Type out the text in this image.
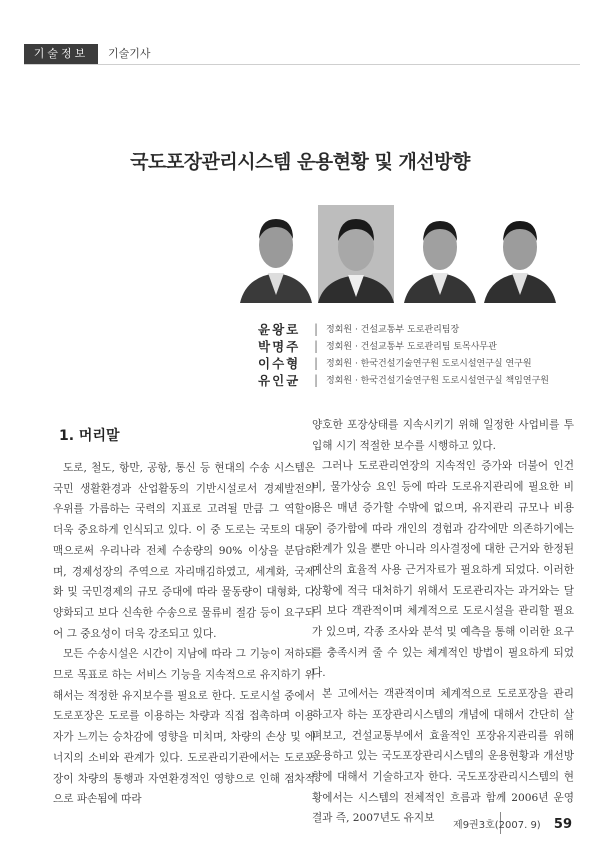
기술정보	기술기사
국도포장관리시스템 운용현황 및 개선방향
윤왕로	| 정회원 · 건설교통부 도로관리팀장
박명주	| 정회원 · 건설교통부 도로관리팀 토목사무관
이수형	| 정회원 · 한국건설기술연구원 도로시설연구실 연구원
유인균	| 정회원 · 한국건설기술연구원 도로시설연구실 책임연구원
1. 머리말

도로, 철도, 항만, 공항, 통신 등 현대의 수송 시스템은 국민 생활환경과 산업활동의 기반시설로서 경제발전의 우위를 가름하는 국력의 지표로 고려될 만큼 그 역할이 더욱 중요하게 인식되고 있다. 이 중 도로는 국토의 대동맥으로써 우리나라 전체 수송량의 90% 이상을 분담하며, 경제성장의 주역으로 자리매김하였고, 세계화, 국제화 및 국민경제의 규모 증대에 따라 물동량이 대형화, 다양화되고 보다 신속한 수송으로 물류비 절감 등이 요구되어 그 중요성이 더욱 강조되고 있다.

모든 수송시설은 시간이 지남에 따라 그 기능이 저하되므로 목표로 하는 서비스 기능을 지속적으로 유지하기 위해서는 적정한 유지보수를 필요로 한다. 도로시설 중에서 도로포장은 도로를 이용하는 차량과 직접 접촉하며 이용자가 느끼는 승차감에 영향을 미치며, 차량의 손상 및 에너지의 소비와 관계가 있다. 도로관리기관에서는 도로포장이 차량의 통행과 자연환경적인 영향으로 인해 점차적으로 파손됨에 따라

양호한 포장상태를 지속시키기 위해 일정한 사업비를 투입해 시기 적절한 보수를 시행하고 있다.

그러나 도로관리연장의 지속적인 증가와 더불어 인건비, 물가상승 요인 등에 따라 도로유지관리에 필요한 비용은 매년 증가할 수밖에 없으며, 유지관리 규모나 비용이 증가함에 따라 개인의 경험과 감각에만 의존하기에는 한계가 있을 뿐만 아니라 의사결정에 대한 근거와 한정된 예산의 효율적 사용 근거자료가 필요하게 되었다. 이러한 상황에 적극 대처하기 위해서 도로관리자는 과거와는 달리 보다 객관적이며 체계적으로 도로시설을 관리할 필요가 있으며, 각종 조사와 분석 및 예측을 통해 이러한 요구를 충족시켜 줄 수 있는 체계적인 방법이 필요하게 되었다.

본 고에서는 객관적이며 체계적으로 도로포장을 관리하고자 하는 포장관리시스템의 개념에 대해서 간단히 살펴보고, 건설교통부에서 효율적인 포장유지관리를 위해 운용하고 있는 국도포장관리시스템의 운용현황과 개선방향에 대해서 기술하고자 한다. 국도포장관리시스템의 현황에서는 시스템의 전체적인 흐름과 함께 2006년 운영결과 즉, 2007년도 유지보

제9권3호(2007. 9) 59
